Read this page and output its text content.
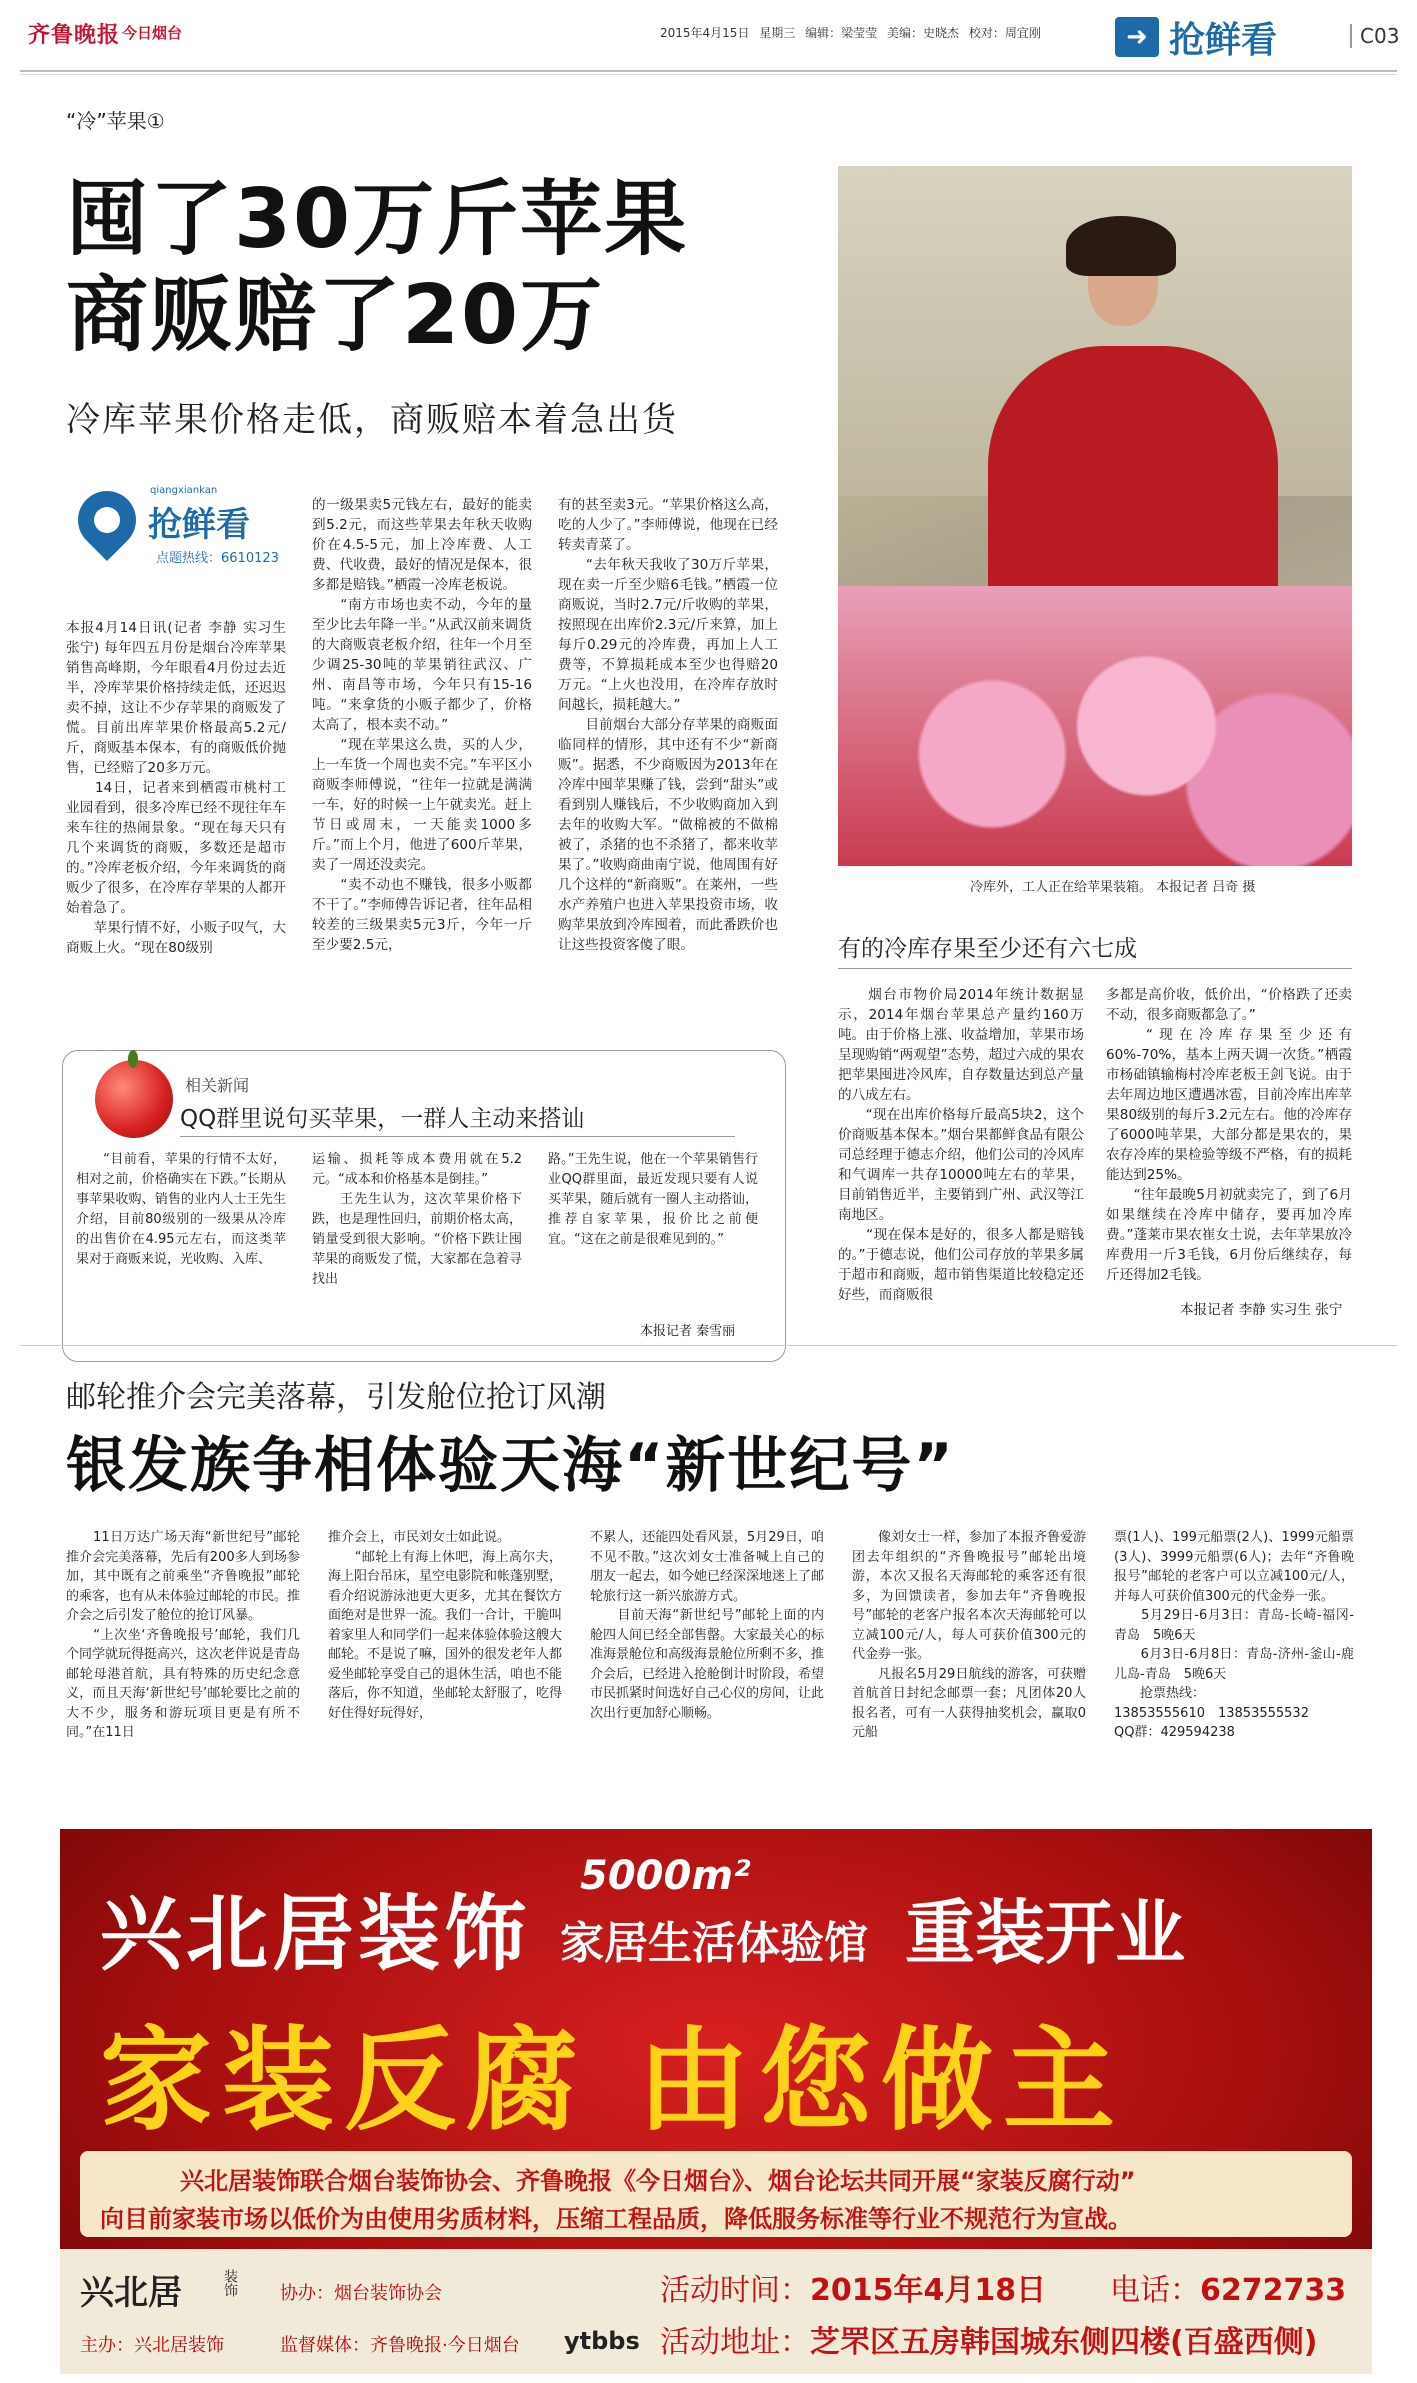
齐鲁晚报 今日烟台	2015年4月15日 星期三 编辑：梁莹莹 美编：史晓杰 校对：周宜刚	➜ 抢鲜看	C03
“冷”苹果①
囤了30万斤苹果
商贩赔了20万
冷库苹果价格走低，商贩赔本着急出货
qiangxiankan
抢鲜看
点题热线：6610123
本报4月14日讯(记者 李静 实习生 张宁) 每年四五月份是烟台冷库苹果销售高峰期，今年眼看4月份过去近半，冷库苹果价格持续走低，还迟迟卖不掉，这让不少存苹果的商贩发了慌。目前出库苹果价格最高5.2元/斤，商贩基本保本，有的商贩低价抛售，已经赔了20多万元。
　　14日，记者来到栖霞市桃村工业园看到，很多冷库已经不现往年车来车往的热闹景象。“现在每天只有几个来调货的商贩，多数还是超市的。”冷库老板介绍，今年来调货的商贩少了很多，在冷库存苹果的人都开始着急了。
　　苹果行情不好，小贩子叹气，大商贩上火。“现在80级别
的一级果卖5元钱左右，最好的能卖到5.2元，而这些苹果去年秋天收购价在4.5-5元，加上冷库费、人工费、代收费，最好的情况是保本，很多都是赔钱。”栖霞一冷库老板说。
　　“南方市场也卖不动，今年的量至少比去年降一半。”从武汉前来调货的大商贩袁老板介绍，往年一个月至少调25-30吨的苹果销往武汉、广州、南昌等市场，今年只有15-16吨。“来拿货的小贩子都少了，价格太高了，根本卖不动。”
　　“现在苹果这么贵，买的人少，上一车货一个周也卖不完。”车平区小商贩李师傅说，“往年一拉就是满满一车，好的时候一上午就卖光。赶上节日或周末，一天能卖1000多斤。”而上个月，他进了600斤苹果，卖了一周还没卖完。
　　“卖不动也不赚钱，很多小贩都不干了。”李师傅告诉记者，往年品相较差的三级果卖5元3斤，今年一斤至少要2.5元，
有的甚至卖3元。“苹果价格这么高，吃的人少了。”李师傅说，他现在已经转卖青菜了。
　　“去年秋天我收了30万斤苹果，现在卖一斤至少赔6毛钱。”栖霞一位商贩说，当时2.7元/斤收购的苹果，按照现在出库价2.3元/斤来算，加上每斤0.29元的冷库费，再加上人工费等，不算损耗成本至少也得赔20万元。“上火也没用，在冷库存放时间越长，损耗越大。”
　　目前烟台大部分存苹果的商贩面临同样的情形，其中还有不少“新商贩”。据悉，不少商贩因为2013年在冷库中囤苹果赚了钱，尝到“甜头”或看到别人赚钱后，不少收购商加入到去年的收购大军。“做棉被的不做棉被了，杀猪的也不杀猪了，都来收苹果了。”收购商曲南宁说，他周围有好几个这样的“新商贩”。在莱州，一些水产养殖户也进入苹果投资市场，收购苹果放到冷库囤着，而此番跌价也让这些投资客傻了眼。
冷库外，工人正在给苹果装箱。 本报记者 吕奇 摄
有的冷库存果至少还有六七成
　　烟台市物价局2014年统计数据显示，2014年烟台苹果总产量约160万吨。由于价格上涨、收益增加，苹果市场呈现购销“两观望”态势，超过六成的果农把苹果囤进冷风库，自存数量达到总产量的八成左右。
　　“现在出库价格每斤最高5块2，这个价商贩基本保本。”烟台果都鲜食品有限公司总经理于德志介绍，他们公司的冷风库和气调库一共存10000吨左右的苹果，目前销售近半，主要销到广州、武汉等江南地区。
　　“现在保本是好的，很多人都是赔钱的。”于德志说，他们公司存放的苹果多属于超市和商贩，超市销售渠道比较稳定还好些，而商贩很
多都是高价收，低价出，“价格跌了还卖不动，很多商贩都急了。”
　　“现在冷库存果至少还有60%-70%，基本上两天调一次货。”栖霞市杨础镇输梅村冷库老板王剑飞说。由于去年周边地区遭遇冰雹，目前冷库出库苹果80级别的每斤3.2元左右。他的冷库存了6000吨苹果，大部分都是果农的，果农存冷库的果检验等级不严格，有的损耗能达到25%。
　　“往年最晚5月初就卖完了，到了6月如果继续在冷库中储存，要再加冷库费。”蓬莱市果农崔女士说，去年苹果放冷库费用一斤3毛钱，6月份后继续存，每斤还得加2毛钱。
本报记者 李静 实习生 张宁
相关新闻
QQ群里说句买苹果，一群人主动来搭讪
　　“目前看，苹果的行情不太好，相对之前，价格确实在下跌。”长期从事苹果收购、销售的业内人士王先生介绍，目前80级别的一级果从冷库的出售价在4.95元左右，而这类苹果对于商贩来说，光收购、入库、
运输、损耗等成本费用就在5.2元。“成本和价格基本是倒挂。”
　　王先生认为，这次苹果价格下跌，也是理性回归，前期价格太高，销量受到很大影响。“价格下跌让囤苹果的商贩发了慌，大家都在急着寻找出
路。”王先生说，他在一个苹果销售行业QQ群里面，最近发现只要有人说买苹果，随后就有一圈人主动搭讪，推荐自家苹果，报价比之前便宜。“这在之前是很难见到的。”
本报记者 秦雪丽
邮轮推介会完美落幕，引发舱位抢订风潮
银发族争相体验天海“新世纪号”
　　11日万达广场天海“新世纪号”邮轮推介会完美落幕，先后有200多人到场参加，其中既有之前乘坐“齐鲁晚报”邮轮的乘客，也有从未体验过邮轮的市民。推介会之后引发了舱位的抢订风暴。
　　“上次坐‘齐鲁晚报号’邮轮，我们几个同学就玩得挺高兴，这次老伴说是青岛邮轮母港首航，具有特殊的历史纪念意义，而且天海‘新世纪号’邮轮要比之前的大不少，服务和游玩项目更是有所不同。”在11日
推介会上，市民刘女士如此说。
　　“邮轮上有海上休吧，海上高尔夫，海上阳台吊床，星空电影院和帐蓬别墅，看介绍说游泳池更大更多，尤其在餐饮方面绝对是世界一流。我们一合计，干脆叫着家里人和同学们一起来体验体验这艘大邮轮。不是说了嘛，国外的很发老年人都爱坐邮轮享受自己的退休生活，咱也不能落后，你不知道，坐邮轮太舒服了，吃得好住得好玩得好，
不累人，还能四处看风景，5月29日，咱不见不散。”这次刘女士准备喊上自己的朋友一起去，如今她已经深深地迷上了邮轮旅行这一新兴旅游方式。
　　目前天海“新世纪号”邮轮上面的内舱四人间已经全部售罄。大家最关心的标准海景舱位和高级海景舱位所剩不多，推介会后，已经进入抢舱倒计时阶段，希望市民抓紧时间选好自己心仪的房间，让此次出行更加舒心顺畅。
　　像刘女士一样，参加了本报齐鲁爱游团去年组织的“齐鲁晚报号”邮轮出境游，本次又报名天海邮轮的乘客还有很多，为回馈读者，参加去年“齐鲁晚报号”邮轮的老客户报名本次天海邮轮可以立减100元/人，每人可获价值300元的代金券一张。
　　凡报名5月29日航线的游客，可获赠首航首日封纪念邮票一套；凡团体20人报名者，可有一人获得抽奖机会，赢取0元船
票(1人)、199元船票(2人)、1999元船票(3人)、3999元船票(6人)；去年“齐鲁晚报号”邮轮的老客户可以立减100元/人，并每人可获价值300元的代金券一张。
　　5月29日-6月3日：青岛-长崎-福冈-青岛　5晚6天
　　6月3日-6月8日：青岛-济州-釜山-鹿儿岛-青岛　5晚6天
　　抢票热线：
13853555610　13853555532
QQ群：429594238
兴北居装饰
5000m²
家居生活体验馆 重装开业
家装反腐 由您做主
兴北居装饰联合烟台装饰协会、齐鲁晚报《今日烟台》、烟台论坛共同开展“家装反腐行动”
向目前家装市场以低价为由使用劣质材料，压缩工程品质，降低服务标准等行业不规范行为宣战。
兴北居	装饰 协办：烟台装饰协会
主办：兴北居装饰	监督媒体：齐鲁晚报·今日烟台 ytbbs
活动时间：2015年4月18日 电话：6272733
活动地址：芝罘区五房韩国城东侧四楼(百盛西侧)
